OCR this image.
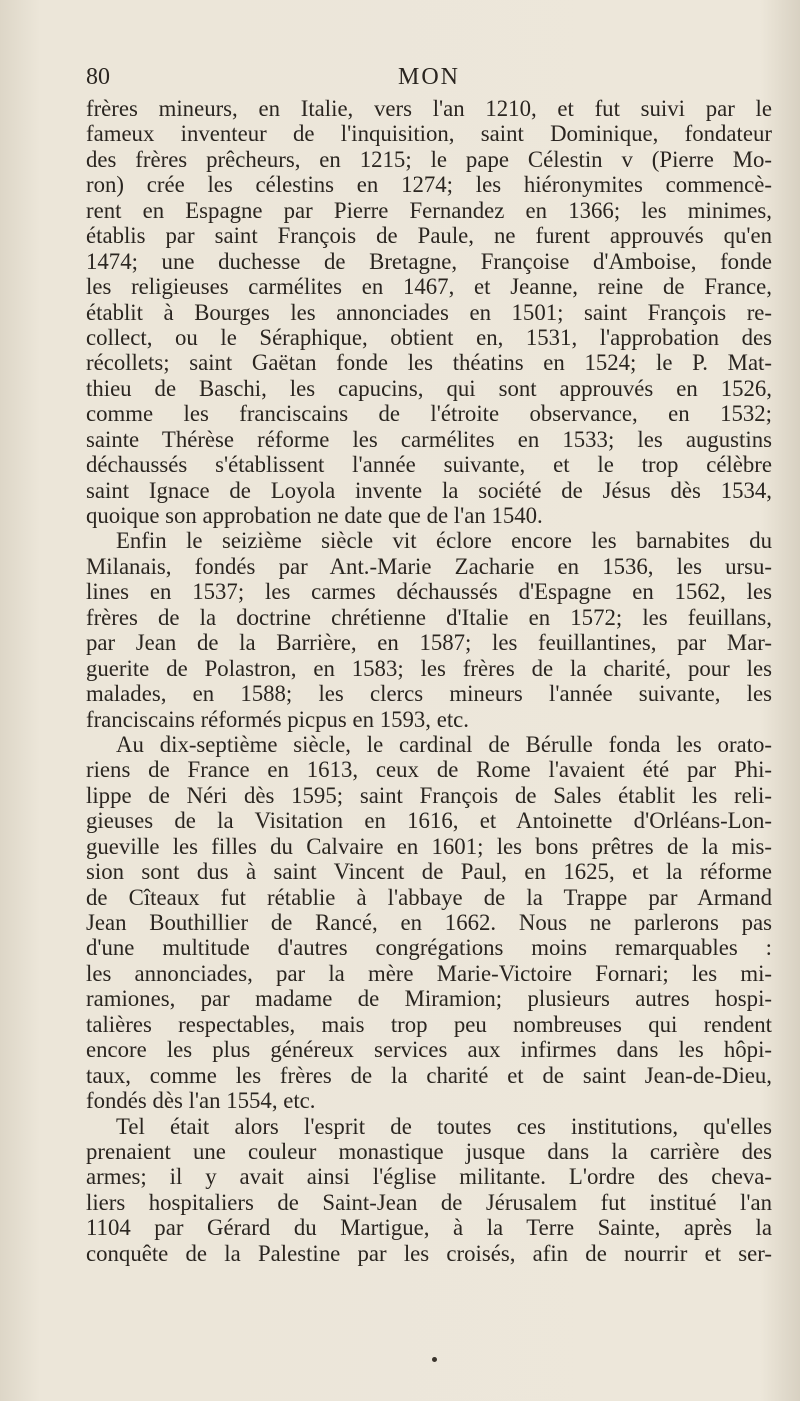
80	MON
frères mineurs, en Italie, vers l'an 1210, et fut suivi par le
fameux inventeur de l'inquisition, saint Dominique, fondateur
des frères prêcheurs, en 1215; le pape Célestin v (Pierre Mo-
ron) crée les célestins en 1274; les hiéronymites commencè-
rent en Espagne par Pierre Fernandez en 1366; les minimes,
établis par saint François de Paule, ne furent approuvés qu'en
1474; une duchesse de Bretagne, Françoise d'Amboise, fonde
les religieuses carmélites en 1467, et Jeanne, reine de France,
établit à Bourges les annonciades en 1501; saint François re-
collect, ou le Séraphique, obtient en, 1531, l'approbation des
récollets; saint Gaëtan fonde les théatins en 1524; le P. Mat-
thieu de Baschi, les capucins, qui sont approuvés en 1526,
comme les franciscains de l'étroite observance, en 1532;
sainte Thérèse réforme les carmélites en 1533; les augustins
déchaussés s'établissent l'année suivante, et le trop célèbre
saint Ignace de Loyola invente la société de Jésus dès 1534,
quoique son approbation ne date que de l'an 1540.
Enfin le seizième siècle vit éclore encore les barnabites du
Milanais, fondés par Ant.-Marie Zacharie en 1536, les ursu-
lines en 1537; les carmes déchaussés d'Espagne en 1562, les
frères de la doctrine chrétienne d'Italie en 1572; les feuillans,
par Jean de la Barrière, en 1587; les feuillantines, par Mar-
guerite de Polastron, en 1583; les frères de la charité, pour les
malades, en 1588; les clercs mineurs l'année suivante, les
franciscains réformés picpus en 1593, etc.
Au dix-septième siècle, le cardinal de Bérulle fonda les orato-
riens de France en 1613, ceux de Rome l'avaient été par Phi-
lippe de Néri dès 1595; saint François de Sales établit les reli-
gieuses de la Visitation en 1616, et Antoinette d'Orléans-Lon-
gueville les filles du Calvaire en 1601; les bons prêtres de la mis-
sion sont dus à saint Vincent de Paul, en 1625, et la réforme
de Cîteaux fut rétablie à l'abbaye de la Trappe par Armand
Jean Bouthillier de Rancé, en 1662. Nous ne parlerons pas
d'une multitude d'autres congrégations moins remarquables :
les annonciades, par la mère Marie-Victoire Fornari; les mi-
ramiones, par madame de Miramion; plusieurs autres hospi-
talières respectables, mais trop peu nombreuses qui rendent
encore les plus généreux services aux infirmes dans les hôpi-
taux, comme les frères de la charité et de saint Jean-de-Dieu,
fondés dès l'an 1554, etc.
Tel était alors l'esprit de toutes ces institutions, qu'elles
prenaient une couleur monastique jusque dans la carrière des
armes; il y avait ainsi l'église militante. L'ordre des cheva-
liers hospitaliers de Saint-Jean de Jérusalem fut institué l'an
1104 par Gérard du Martigue, à la Terre Sainte, après la
conquête de la Palestine par les croisés, afin de nourrir et ser-
